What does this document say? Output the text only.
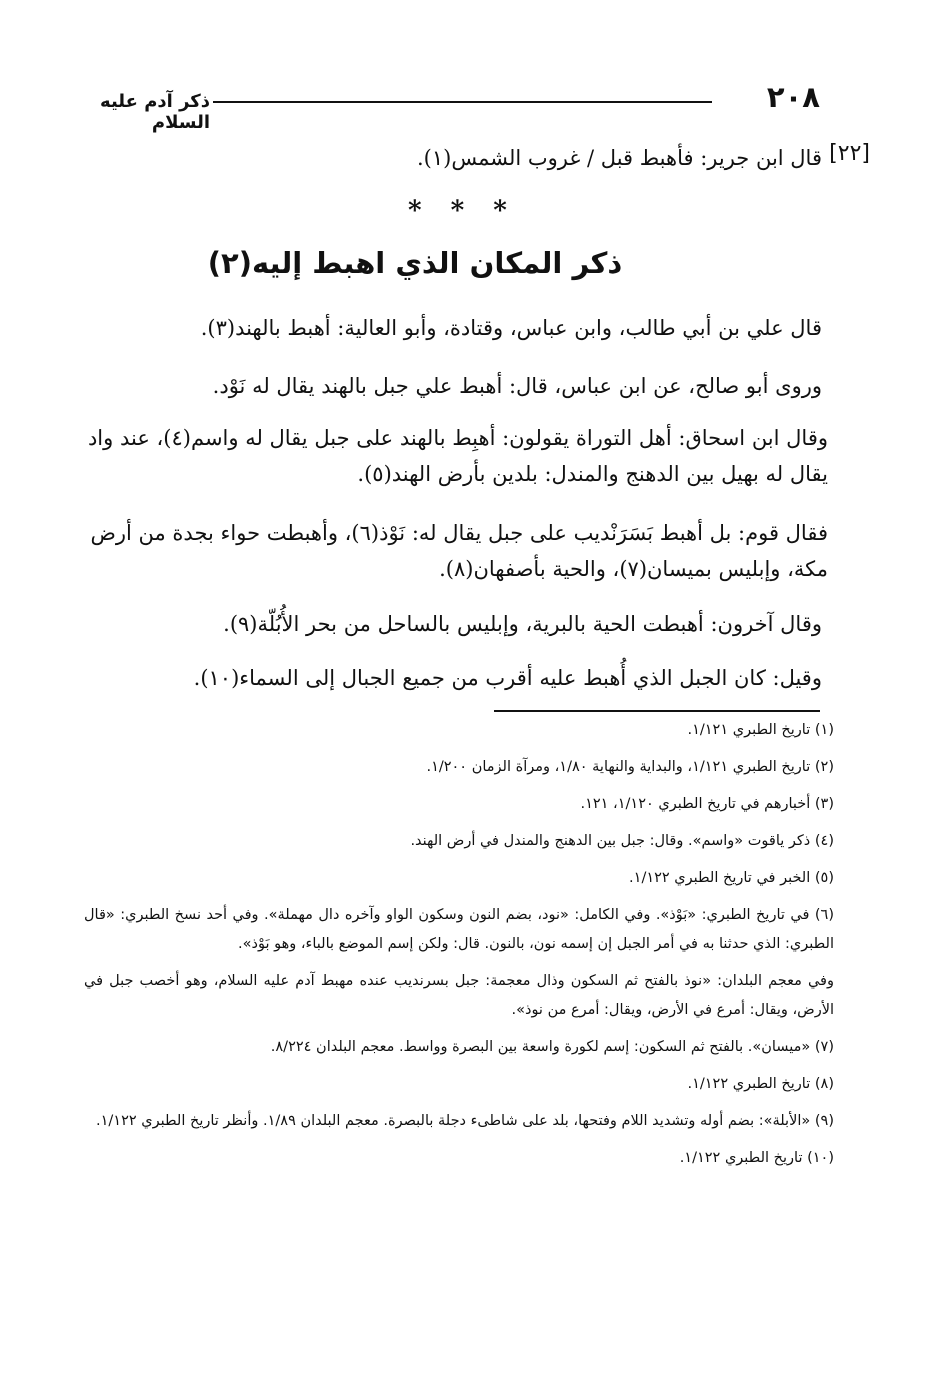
٢٠٨
ذكر آدم عليه السلام
[٢٢]
قال ابن جرير: فأهبط قبل / غروب الشمس(١).
* * *
ذكر المكان الذي اهبط إليه(٢)
قال علي بن أبي طالب، وابن عباس، وقتادة، وأبو العالية: أهبط بالهند(٣).
وروى أبو صالح، عن ابن عباس، قال: أهبط علي جبل بالهند يقال له نَوْد.
وقال ابن اسحاق: أهل التوراة يقولون: أهبِط بالهند على جبل يقال له واسم(٤)، عند واد يقال له بهيل بين الدهنج والمندل: بلدين بأرض الهند(٥).
فقال قوم: بل أهبط بَسَرَنْديب على جبل يقال له: نَوْذ(٦)، وأهبطت حواء بجدة من أرض مكة، وإبليس بميسان(٧)، والحية بأصفهان(٨).
وقال آخرون: أهبطت الحية بالبرية، وإبليس بالساحل من بحر الأُبُلّة(٩).
وقيل: كان الجبل الذي أُهبط عليه أقرب من جميع الجبال إلى السماء(١٠).

(١) تاريخ الطبري ١/١٢١.

(٢) تاريخ الطبري ١/١٢١، والبداية والنهاية ١/٨٠، ومرآة الزمان ١/٢٠٠.

(٣) أخبارهم في تاريخ الطبري ١/١٢٠، ١٢١.

(٤) ذكر ياقوت «واسم». وقال: جبل بين الدهنج والمندل في أرض الهند.

(٥) الخبر في تاريخ الطبري ١/١٢٢.

(٦) في تاريخ الطبري: «بَوْذ». وفي الكامل: «نود، بضم النون وسكون الواو وآخره دال مهملة». وفي أحد نسخ الطبري: «قال الطبري: الذي حدثنا به في أمر الجبل إن إسمه نون، بالنون. قال: ولكن إسم الموضع بالباء، وهو بَوْذ».

وفي معجم البلدان: «نوذ بالفتح ثم السكون وذال معجمة: جبل بسرنديب عنده مهبط آدم عليه السلام، وهو أخصب جبل في الأرض، ويقال: أمرع في الأرض، ويقال: أمرع من نوذ».

(٧) «ميسان». بالفتح ثم السكون: إسم لكورة واسعة بين البصرة وواسط. معجم البلدان ٨/٢٢٤.

(٨) تاريخ الطبري ١/١٢٢.

(٩) «الأبلة»: بضم أوله وتشديد اللام وفتحها، بلد على شاطىء دجلة بالبصرة. معجم البلدان ١/٨٩. وأنظر تاريخ الطبري ١/١٢٢.

(١٠) تاريخ الطبري ١/١٢٢.
